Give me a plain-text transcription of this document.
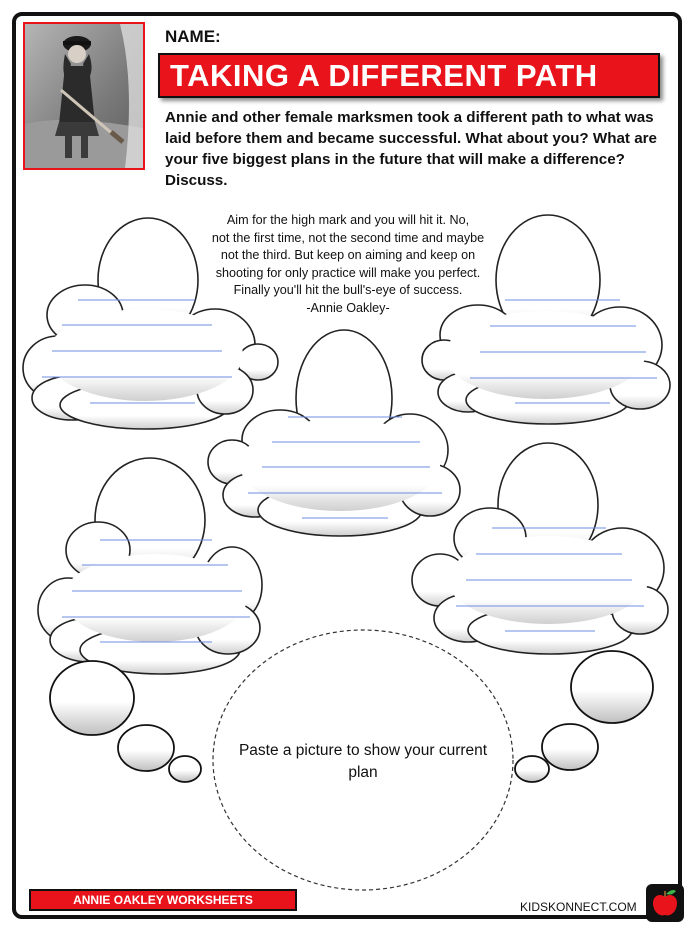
NAME:
TAKING A DIFFERENT PATH
Annie and other female marksmen took a different path to what was laid before them and became successful. What about you? What are your five biggest plans in the future that will make a difference? Discuss.
Aim for the high mark and you will hit it. No,
not the first time, not the second time and maybe
not the third. But keep on aiming and keep on
shooting for only practice will make you perfect.
Finally you'll hit the bull's-eye of success.
-Annie Oakley-
Paste a picture to show your current plan
ANNIE OAKLEY WORKSHEETS	KIDSKONNECT.COM
